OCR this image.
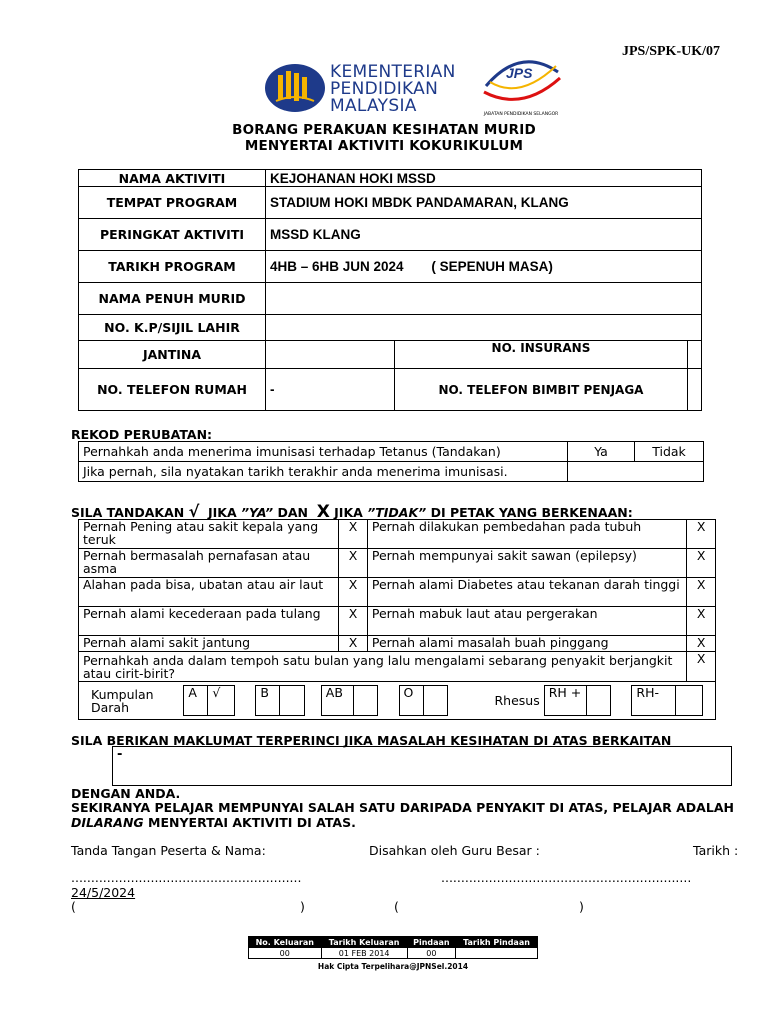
JPS/SPK-UK/07
KEMENTERIAN
PENDIDIKAN
MALAYSIA
JPS
JABATAN PENDIDIKAN SELANGOR
BORANG PERAKUAN KESIHATAN MURID
MENYERTAI AKTIVITI KOKURIKULUM
NAMA AKTIVITI	KEJOHANAN HOKI MSSD		
TEMPAT PROGRAM	STADIUM HOKI MBDK PANDAMARAN, KLANG		
PERINGKAT AKTIVITI	MSSD KLANG		
TARIKH PROGRAM	4HB – 6HB JUN 2024 ( SEPENUH MASA)		
NAMA PENUH MURID			
NO. K.P/SIJIL LAHIR			
JANTINA		NO. INSURANS	
NO. TELEFON RUMAH	-	NO. TELEFON BIMBIT PENJAGA	
REKOD PERUBATAN:
Pernahkah anda menerima imunisasi terhadap Tetanus (Tandakan)	Ya	Tidak
Jika pernah, sila nyatakan tarikh terakhir anda menerima imunisasi.		
SILA TANDAKAN √ JIKA ”YA” DAN X JIKA ”TIDAK” DI PETAK YANG BERKENAAN:
Pernah Pening atau sakit kepala yang teruk	X	Pernah dilakukan pembedahan pada tubuh	X
Pernah bermasalah pernafasan atau asma	X	Pernah mempunyai sakit sawan (epilepsy)	X
Alahan pada bisa, ubatan atau air laut	X	Pernah alami Diabetes atau tekanan darah tinggi	X
Pernah alami kecederaan pada tulang	X	Pernah mabuk laut atau pergerakan	X
Pernah alami sakit jantung	X	Pernah alami masalah buah pinggang	X
Pernahkah anda dalam tempoh satu bulan yang lalu mengalami sebarang penyakit berjangkit atau cirit-birit?	X

Kumpulan Darah	A	√		B			AB			O			Rhesus	RH +			RH-	
SILA BERIKAN MAKLUMAT TERPERINCI JIKA MASALAH KESIHATAN DI ATAS BERKAITAN
-
DENGAN ANDA.
SEKIRANYA PELAJAR MEMPUNYAI SALAH SATU DARIPADA PENYAKIT DI ATAS, PELAJAR ADALAH
DILARANG MENYERTAI AKTIVITI DI ATAS.
Tanda Tangan Peserta & Nama:	Disahkan oleh Guru Besar :	Tarikh :
..........................................................	...............................................................
24/5/2024
(	)	(	)
No. Keluaran	Tarikh Keluaran	Pindaan	Tarikh Pindaan
00	01 FEB 2014	00	
Hak Cipta Terpelihara@JPNSel.2014
